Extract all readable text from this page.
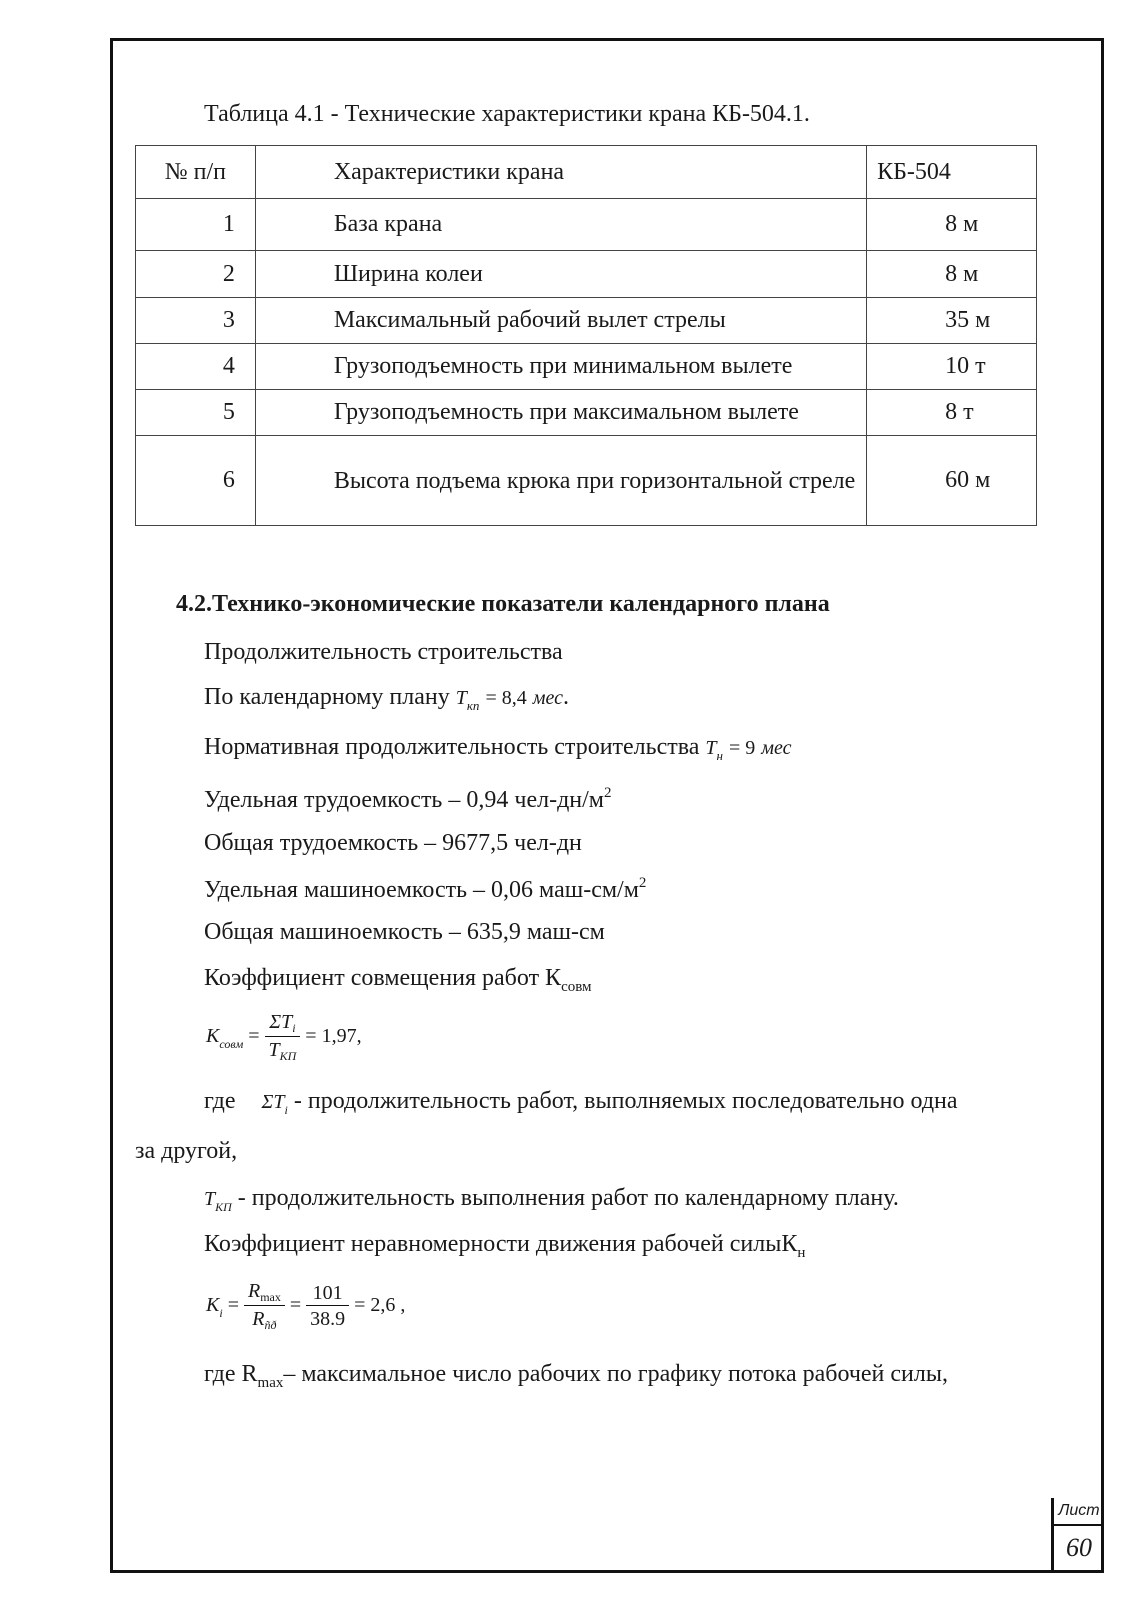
Таблица 4.1 - Технические характеристики крана КБ-504.1.
№ п/п	Характеристики крана	КБ-504
1	База крана	8 м
2	Ширина колеи	8 м
3	Максимальный рабочий вылет стрелы	35 м
4	Грузоподъемность при минимальном вылете	10 т
5	Грузоподъемность при максимальном вылете	8 т
6	Высота подъема крюка при горизонтальной стреле	60 м
4.2.Технико-экономические показатели календарного плана
Продолжительность строительства
По календарному плану $T_{кп} = 8,4$ мес.
Нормативная продолжительность строительства $T_н = 9$ мес
Удельная трудоемкость – 0,94 чел-$дн/м^2$
Общая трудоемкость – 9677,5 чел-дн
Удельная машиноемкость – 0,06 маш-$см/м^2$
Общая машиноемкость – 635,9 маш-см
Коэффициент совмещения работ $К_{совм}$
$K_{совм} = \frac{\Sigma T_i}{T_{КП}} = 1,97$,
где $\Sigma T_i$ - продолжительность работ, выполняемых последовательно одна
за другой,
$T_{КП}$ - продолжительность выполнения работ по календарному плану.
Коэффициент неравномерности движения рабочей силыК$_н$
$K_i = \frac{R_{max}}{R_{ñð}} = \frac{101}{38.9} = 2,6$ ,
где $R_{max}-$ максимальное число рабочих по графику потока рабочей силы,
Лист
60
